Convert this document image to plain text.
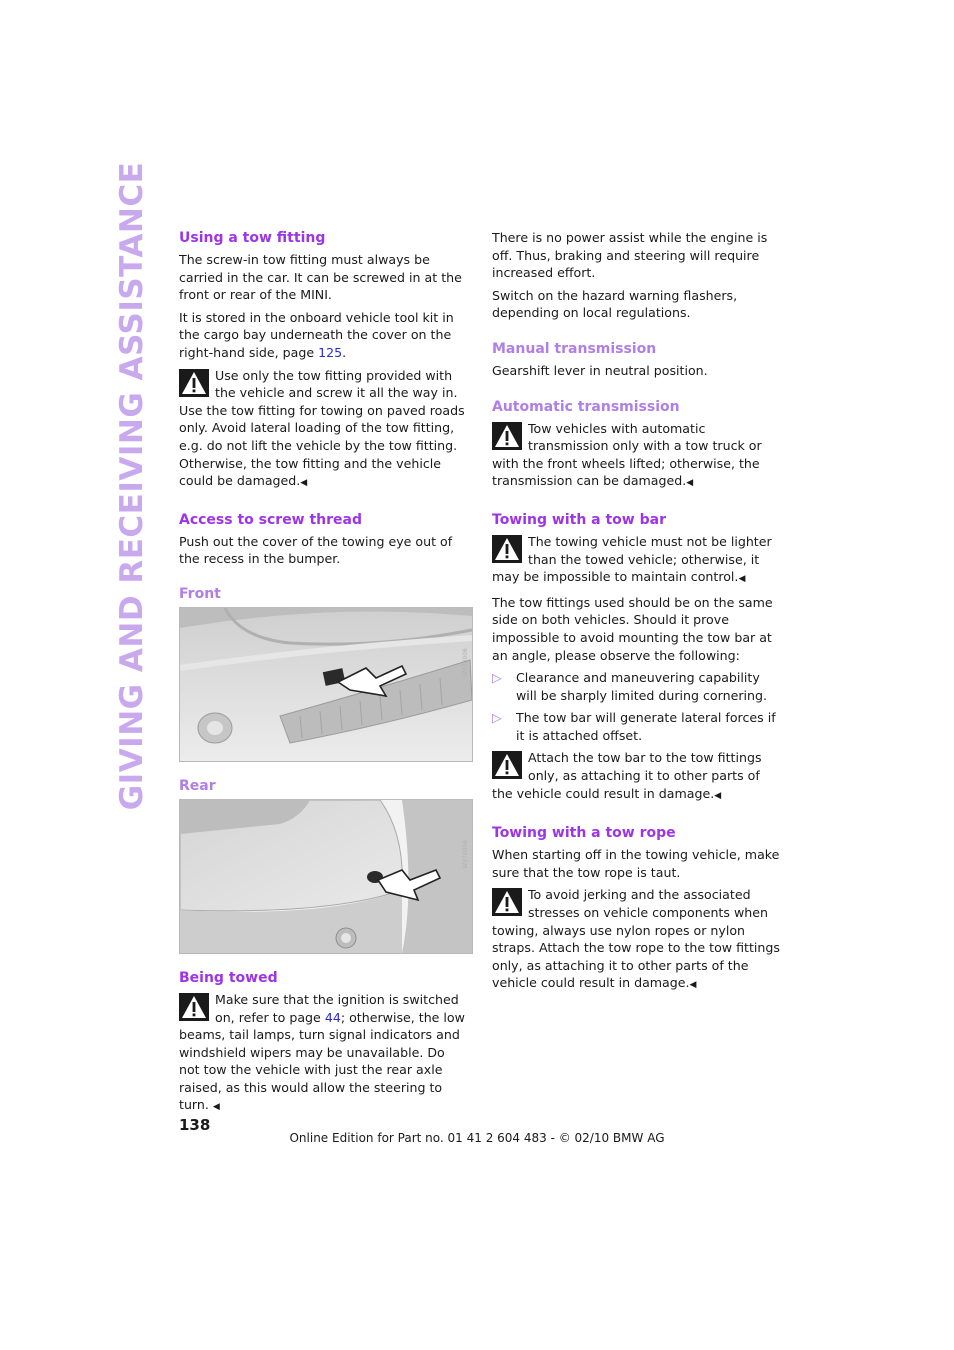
GIVING AND RECEIVING ASSISTANCE Using a tow fitting

The screw-in tow fitting must always be carried in the car. It can be screwed in at the front or rear of the MINI.

It is stored in the onboard vehicle tool kit in the cargo bay underneath the cover on the right-hand side, page 125.

Use only the tow fitting provided with the vehicle and screw it all the way in. Use the tow fitting for towing on paved roads only. Avoid lateral loading of the tow fitting, e.g. do not lift the vehicle by the tow fitting. Otherwise, the tow fitting and the vehicle could be damaged.◀

Access to screw thread

Push out the cover of the towing eye out of the recess in the bumper.

Front
W370006
Rear
W370006
Being towed

Make sure that the ignition is switched on, refer to page 44; otherwise, the low beams, tail lamps, turn signal indicators and windshield wipers may be unavailable. Do not tow the vehicle with just the rear axle raised, as this would allow the steering to turn. ◀

There is no power assist while the engine is off. Thus, braking and steering will require increased effort.

Switch on the hazard warning flashers, depending on local regulations.

Manual transmission

Gearshift lever in neutral position.

Automatic transmission

Tow vehicles with automatic transmission only with a tow truck or with the front wheels lifted; otherwise, the transmission can be damaged.◀

Towing with a tow bar

The towing vehicle must not be lighter than the towed vehicle; otherwise, it may be impossible to maintain control.◀

The tow fittings used should be on the same side on both vehicles. Should it prove impossible to avoid mounting the tow bar at an angle, please observe the following:

▷ Clearance and maneuvering capability will be sharply limited during cornering.
▷ The tow bar will generate lateral forces if it is attached offset.

Attach the tow bar to the tow fittings only, as attaching it to other parts of the vehicle could result in damage.◀

Towing with a tow rope

When starting off in the towing vehicle, make sure that the tow rope is taut.

To avoid jerking and the associated stresses on vehicle components when towing, always use nylon ropes or nylon straps. Attach the tow rope to the tow fittings only, as attaching it to other parts of the vehicle could result in damage.◀

138
Online Edition for Part no. 01 41 2 604 483 - © 02/10 BMW AG
